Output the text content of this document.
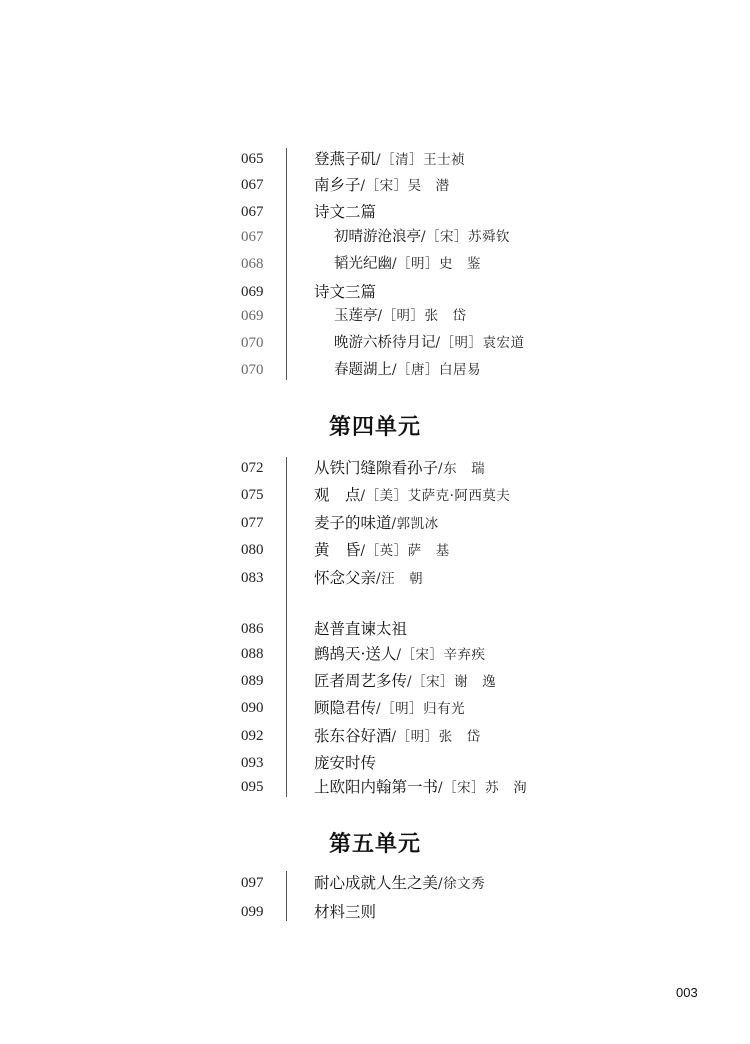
065	登燕子矶/［清］王士祯
067	南乡子/［宋］吴　潜
067	诗文二篇
067	初晴游沧浪亭/［宋］苏舜钦
068	韬光纪幽/［明］史　鉴
069	诗文三篇
069	玉莲亭/［明］张　岱
070	晚游六桥待月记/［明］袁宏道
070	春题湖上/［唐］白居易
第四单元
072	从铁门缝隙看孙子/东　瑞
075	观　点/［美］艾萨克·阿西莫夫
077	麦子的味道/郭凯冰
080	黄　昏/［英］萨　基
083	怀念父亲/汪　朝
086	赵普直谏太祖
088	鹧鸪天·送人/［宋］辛弃疾
089	匠者周艺多传/［宋］谢　逸
090	顾隐君传/［明］归有光
092	张东谷好酒/［明］张　岱
093	庞安时传
095	上欧阳内翰第一书/［宋］苏　洵
第五单元
097	耐心成就人生之美/徐文秀
099	材料三则
003
